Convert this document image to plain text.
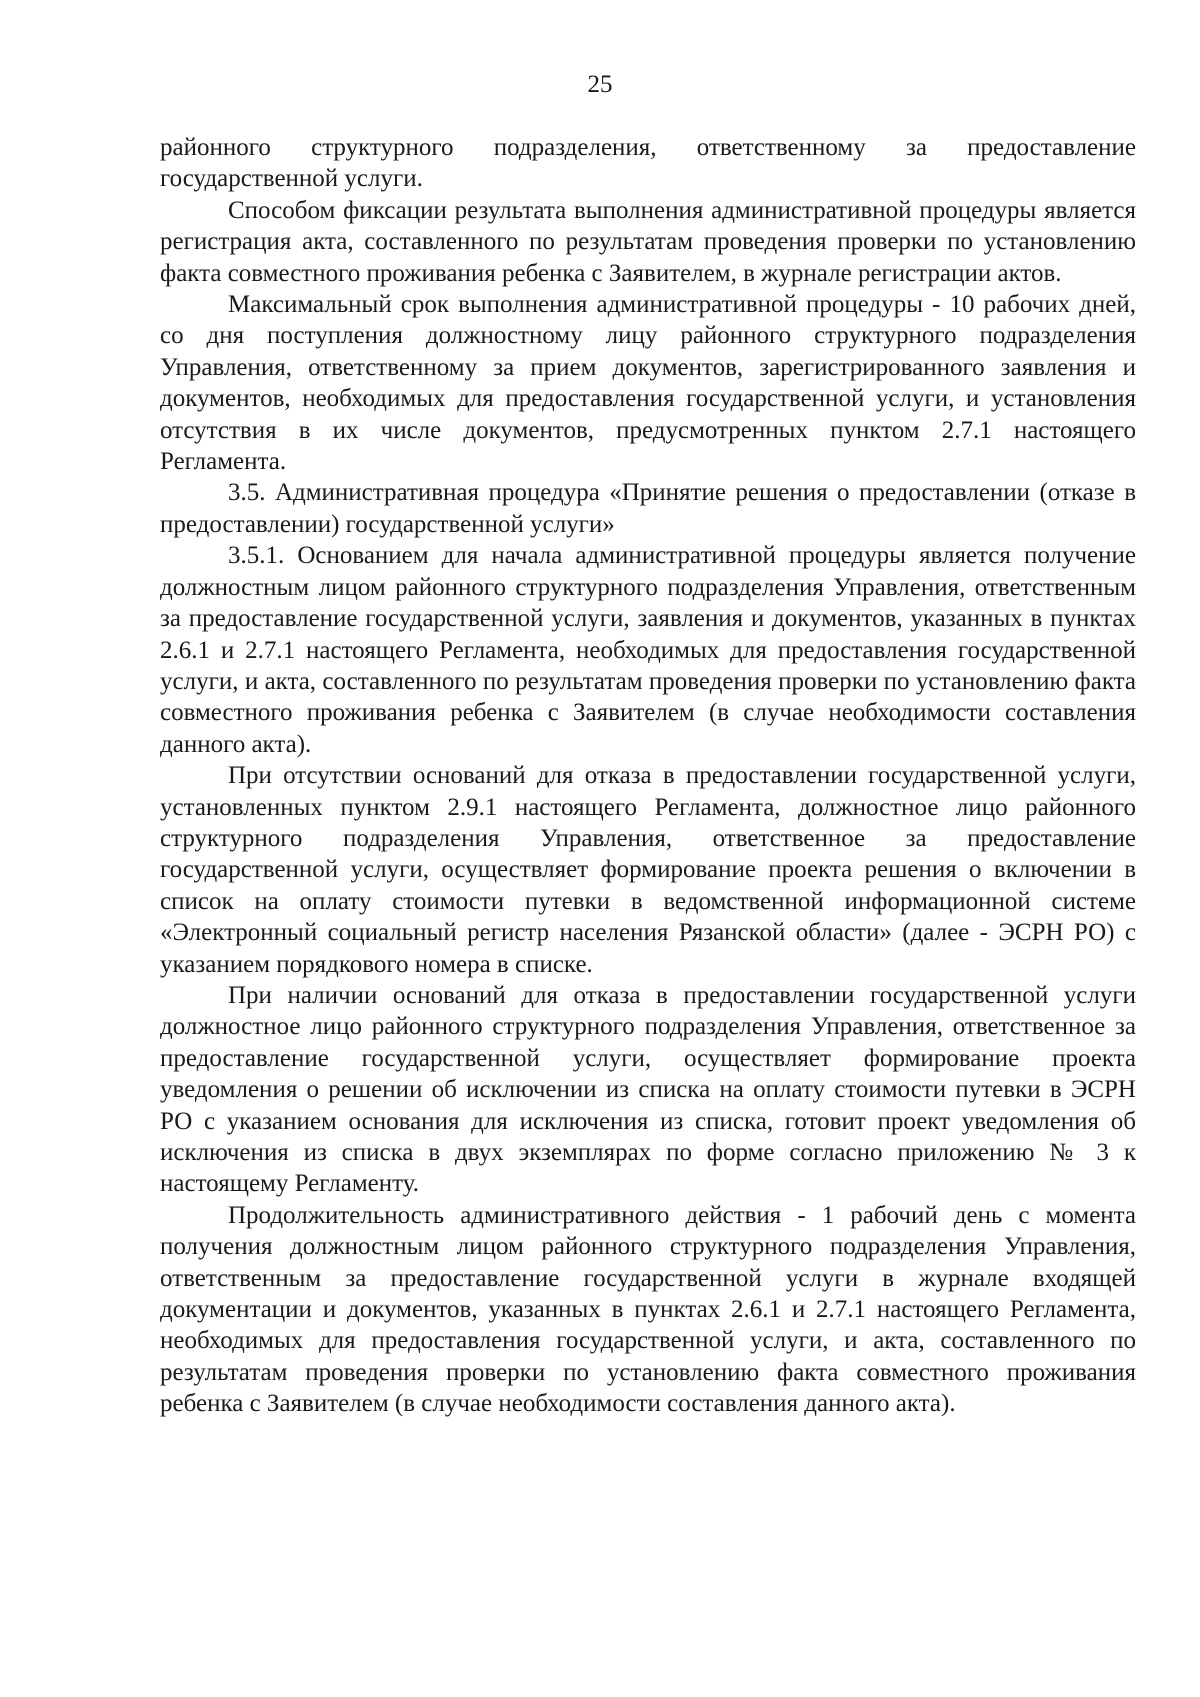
25

районного структурного подразделения, ответственному за предоставление государственной услуги.

Способом фиксации результата выполнения административной процедуры является регистрация акта, составленного по результатам проведения проверки по установлению факта совместного проживания ребенка с Заявителем, в журнале регистрации актов.

Максимальный срок выполнения административной процедуры - 10 рабочих дней, со дня поступления должностному лицу районного структурного подразделения Управления, ответственному за прием документов, зарегистрированного заявления и документов, необходимых для предоставления государственной услуги, и установления отсутствия в их числе документов, предусмотренных пунктом 2.7.1 настоящего Регламента.

3.5. Административная процедура «Принятие решения о предоставлении (отказе в предоставлении) государственной услуги»

3.5.1. Основанием для начала административной процедуры является получение должностным лицом районного структурного подразделения Управления, ответственным за предоставление государственной услуги, заявления и документов, указанных в пунктах 2.6.1 и 2.7.1 настоящего Регламента, необходимых для предоставления государственной услуги, и акта, составленного по результатам проведения проверки по установлению факта совместного проживания ребенка с Заявителем (в случае необходимости составления данного акта).

При отсутствии оснований для отказа в предоставлении государственной услуги, установленных пунктом 2.9.1 настоящего Регламента, должностное лицо районного структурного подразделения Управления, ответственное за предоставление государственной услуги, осуществляет формирование проекта решения о включении в список на оплату стоимости путевки в ведомственной информационной системе «Электронный социальный регистр населения Рязанской области» (далее - ЭСРН РО) с указанием порядкового номера в списке.

При наличии оснований для отказа в предоставлении государственной услуги должностное лицо районного структурного подразделения Управления, ответственное за предоставление государственной услуги, осуществляет формирование проекта уведомления о решении об исключении из списка на оплату стоимости путевки в ЭСРН РО с указанием основания для исключения из списка, готовит проект уведомления об исключения из списка в двух экземплярах по форме согласно приложению № 3 к настоящему Регламенту.

Продолжительность административного действия - 1 рабочий день с момента получения должностным лицом районного структурного подразделения Управления, ответственным за предоставление государственной услуги в журнале входящей документации и документов, указанных в пунктах 2.6.1 и 2.7.1 настоящего Регламента, необходимых для предоставления государственной услуги, и акта, составленного по результатам проведения проверки по установлению факта совместного проживания ребенка с Заявителем (в случае необходимости составления данного акта).
